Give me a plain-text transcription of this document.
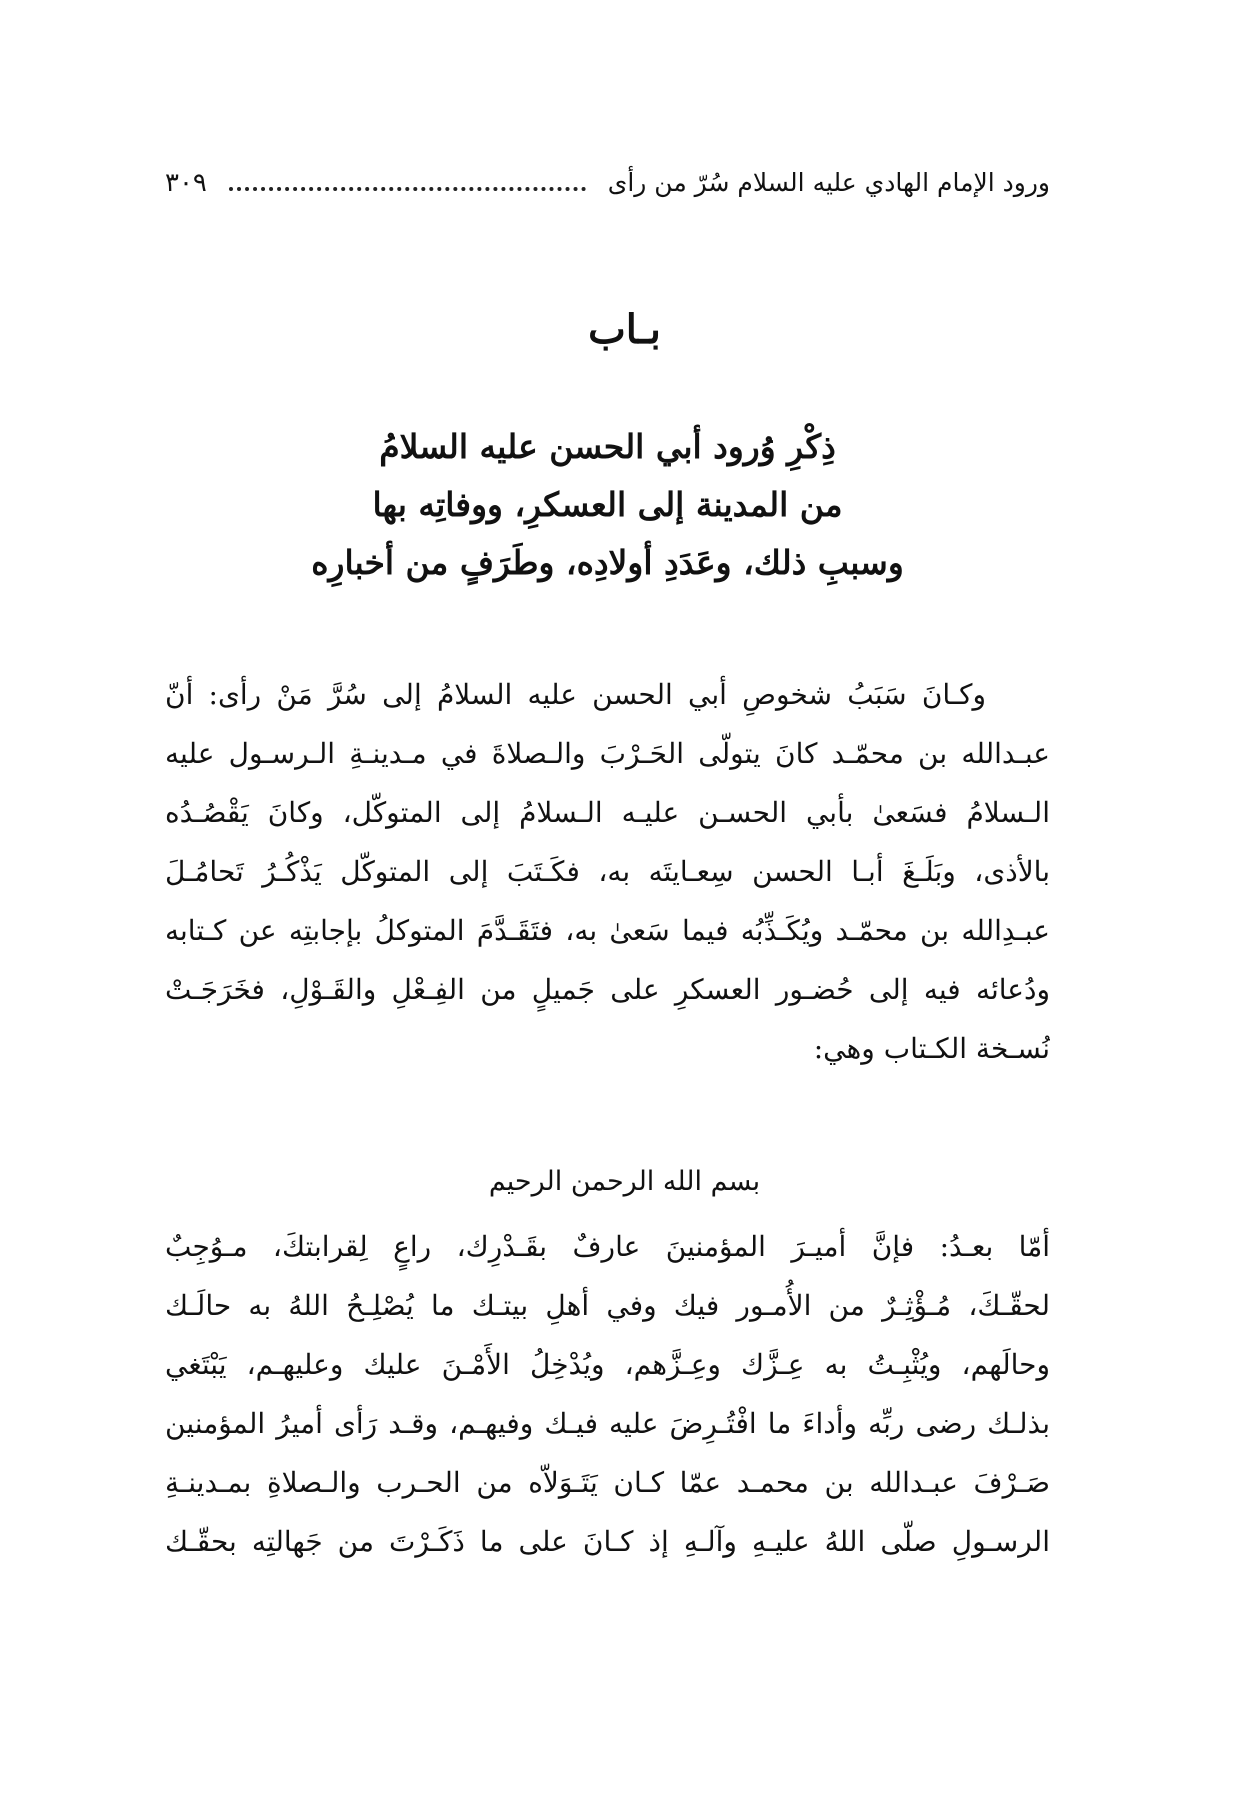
ورود الإمام الهادي عليه السلام سُرّ من رأى
٣٠٩
بـاب
ذِكْرِ وُرود أبي الحسن عليه السلامُ
من المدينة إلى العسكرِ، ووفاتِه بها
وسببِ ذلك، وعَدَدِ أولادِه، وطَرَفٍ من أخبارِه
وكـانَ سَبَبُ شخوصِ أبي الحسن عليه السلامُ إلى سُرَّ مَنْ رأى: أنّ
عبـدالله بن محمّـد كانَ يتولّى الحَـرْبَ والـصلاةَ في مـدينـةِ الـرسـول عليه
الـسلامُ فسَعىٰ بأبي الحسـن عليـه الـسلامُ إلى المتوكّل، وكانَ يَقْصُـدُه
بالأذى، وبَلَـغَ أبـا الحسن سِعـايتَه به، فكَـتَبَ إلى المتوكّل يَذْكُـرُ تَحامُـلَ
عبـدِالله بن محمّـد ويُكَـذِّبُه فيما سَعىٰ به، فتَقَـدَّمَ المتوكلُ بإجابتِه عن كـتابه
ودُعائه فيه إلى حُضـور العسكرِ على جَميلٍ من الفِـعْلِ والقَـوْلِ، فخَرَجَـتْ
نُسـخة الكـتاب وهي:
بسم الله الرحمن الرحيم
أمّا بعـدُ: فإنَّ أميـرَ المؤمنينَ عارفٌ بقَـدْرِك، راعٍ لِقرابتكَ، مـوُجِبٌ
لحقّـكَ، مُـؤْثِـرٌ من الأُمـور فيك وفي أهلِ بيتـك ما يُصْلِـحُ اللهُ به حالَـك
وحالَهم، ويُثْبِـتُ به عِـزَّك وعِـزَّهم، ويُدْخِلُ الأَمْـنَ عليك وعليهـم، يَبْتَغي
بذلـك رضى ربِّه وأداءَ ما افْتُـرِضَ عليه فيـك وفيهـم، وقـد رَأى أميرُ المؤمنين
صَـرْفَ عبـدالله بن محمـد عمّا كـان يَتَـوَلاّه من الحـرب والـصلاةِ بمـدينـةِ
الرسـولِ صلّى اللهُ عليـهِ وآلـهِ إذ كـانَ على ما ذَكَـرْتَ من جَهالتِه بحقّـك
